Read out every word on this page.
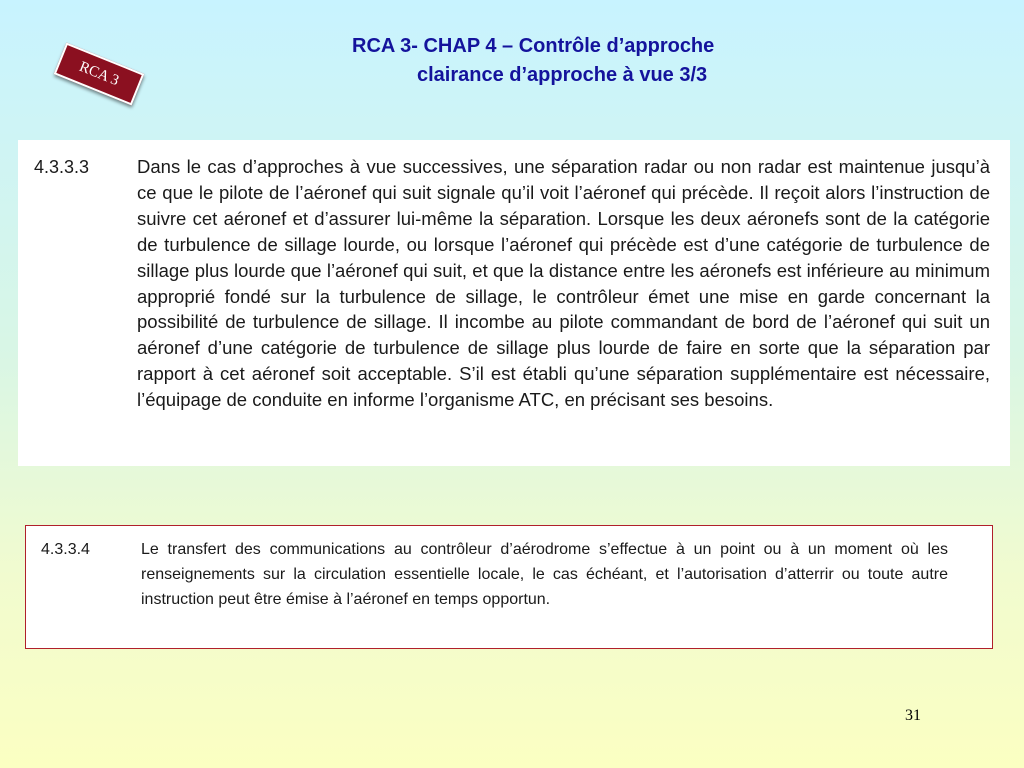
RCA 3
RCA 3- CHAP 4 – Contrôle d’approche
clairance d’approche à vue 3/3
4.3.3.3	Dans le cas d’approches à vue successives, une séparation radar ou non radar est maintenue jusqu’à ce que le pilote de l’aéronef qui suit signale qu’il voit l’aéronef qui précède. Il reçoit alors l’instruction de suivre cet aéronef et d’assurer lui-même la séparation. Lorsque les deux aéronefs sont de la catégorie de turbulence de sillage lourde, ou lorsque l’aéronef qui précède est d’une catégorie de turbulence de sillage plus lourde que l’aéronef qui suit, et que la distance entre les aéronefs est inférieure au minimum approprié fondé sur la turbulence de sillage, le contrôleur émet une mise en garde concernant la possibilité de turbulence de sillage. Il incombe au pilote commandant de bord de l’aéronef qui suit un aéronef d’une catégorie de turbulence de sillage plus lourde de faire en sorte que la séparation par rapport à cet aéronef soit acceptable. S’il est établi qu’une séparation supplémentaire est nécessaire, l’équipage de conduite en informe l’organisme ATC, en précisant ses besoins.
4.3.3.4	Le transfert des communications au contrôleur d’aérodrome s’effectue à un point ou à un moment où les renseignements sur la circulation essentielle locale, le cas échéant, et l’autorisation d’atterrir ou toute autre instruction peut être émise à l’aéronef en temps opportun.
31
